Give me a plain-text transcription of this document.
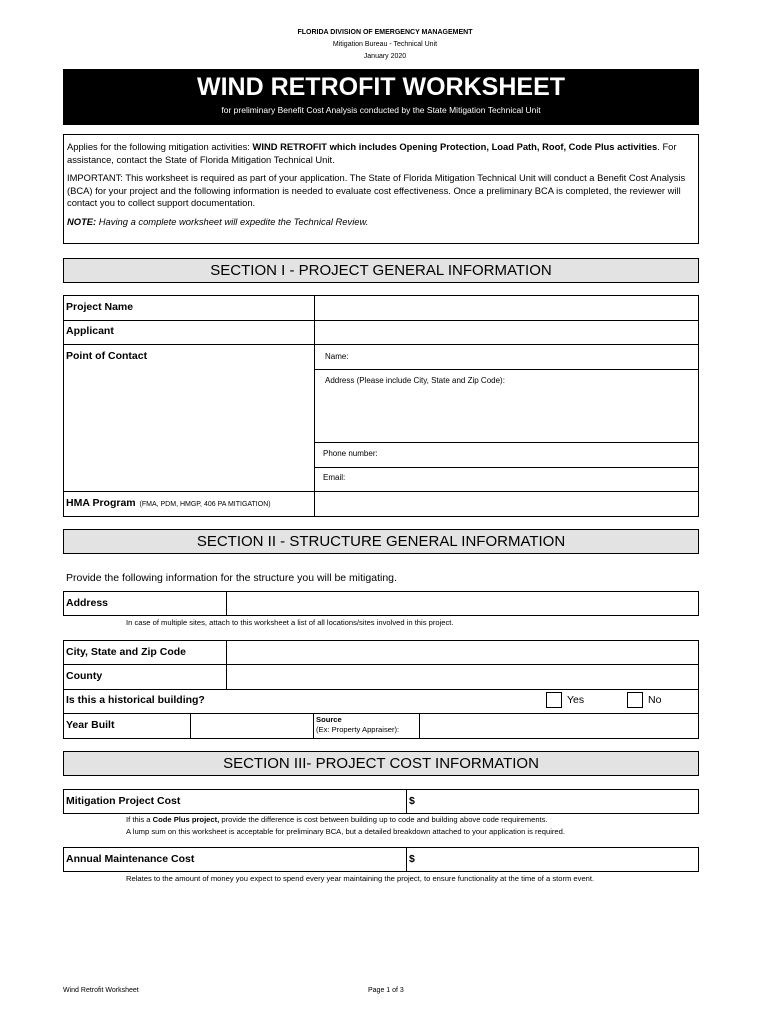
FLORIDA DIVISION OF EMERGENCY MANAGEMENT
Mitigation Bureau - Technical Unit
January 2020
WIND RETROFIT WORKSHEET
for preliminary Benefit Cost Analysis conducted by the State Mitigation Technical Unit

Applies for the following mitigation activities: WIND RETROFIT which includes Opening Protection, Load Path, Roof, Code Plus activities. For assistance, contact the State of Florida Mitigation Technical Unit.

IMPORTANT: This worksheet is required as part of your application. The State of Florida Mitigation Technical Unit will conduct a Benefit Cost Analysis (BCA) for your project and the following information is needed to evaluate cost effectiveness. Once a preliminary BCA is completed, the reviewer will contact you to collect support documentation.

NOTE: Having a complete worksheet will expedite the Technical Review.

SECTION I - PROJECT GENERAL INFORMATION
Project Name
Applicant
Point of Contact	Name:
Address (Please include City, State and Zip Code):
Phone number:
Email:
HMA Program (FMA, PDM, HMGP, 406 PA MITIGATION)
SECTION II - STRUCTURE GENERAL INFORMATION
Provide the following information for the structure you will be mitigating.
Address
In case of multiple sites, attach to this worksheet a list of all locations/sites involved in this project.
City, State and Zip Code
County
Is this a historical building?	Yes	No
Year Built	Source
(Ex: Property Appraiser):
SECTION III- PROJECT COST INFORMATION
Mitigation Project Cost	$
If this a Code Plus project, provide the difference is cost between building up to code and building above code requirements.
A lump sum on this worksheet is acceptable for preliminary BCA, but a detailed breakdown attached to your application is required.
Annual Maintenance Cost	$
Relates to the amount of money you expect to spend every year maintaining the project, to ensure functionality at the time of a storm event.
Wind Retrofit Worksheet	Page 1 of 3
